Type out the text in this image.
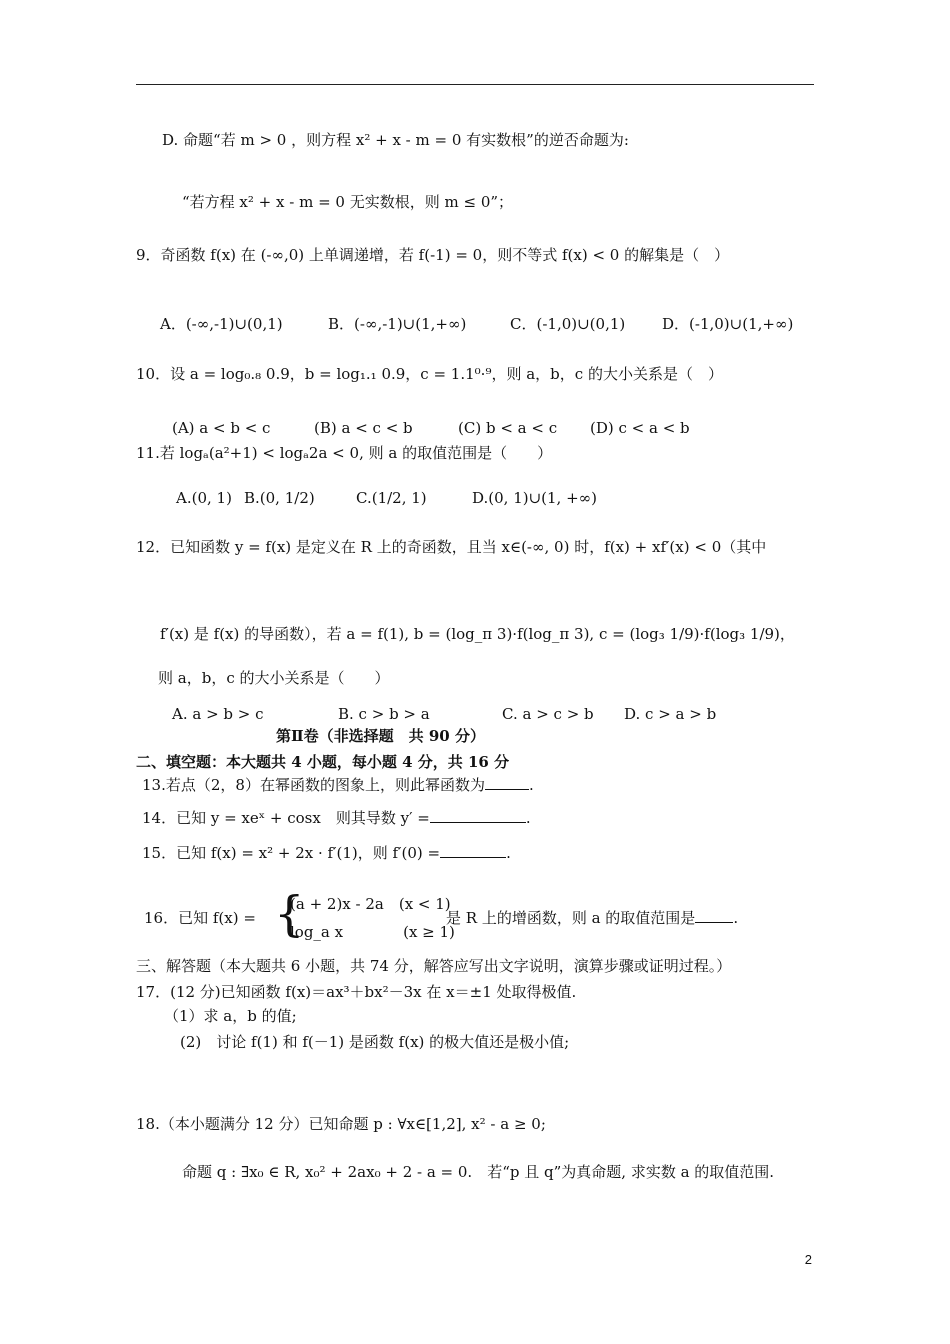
D. 命题“若 m > 0 ，则方程 x² + x - m = 0 有实数根”的逆否命题为:
“若方程 x² + x - m = 0 无实数根，则 m ≤ 0”；
9．奇函数 f(x) 在 (-∞,0) 上单调递增，若 f(-1) = 0，则不等式 f(x) < 0 的解集是（　）
A．(-∞,-1)∪(0,1)	B．(-∞,-1)∪(1,+∞)	C．(-1,0)∪(0,1) D．(-1,0)∪(1,+∞)
10．设 a = log₀.₈ 0.9，b = log₁.₁ 0.9，c = 1.1⁰·⁹，则 a，b，c 的大小关系是（　）
(A) a < b < c	(B) a < c < b	(C) b < a < c (D) c < a < b
11.若 logₐ(a²+1) < logₐ2a < 0, 则 a 的取值范围是（　　）
A.(0, 1) B.(0, 1/2)	C.(1/2, 1)	D.(0, 1)∪(1, +∞)
12．已知函数 y = f(x) 是定义在 R 上的奇函数，且当 x∈(-∞, 0) 时，f(x) + xf′(x) < 0（其中
f′(x) 是 f(x) 的导函数），若 a = f(1), b = (log_π 3)·f(log_π 3), c = (log₃ 1/9)·f(log₃ 1/9)，
则 a，b，c 的大小关系是（　　）
A. a > b > c	B. c > b > a	C. a > c > b D. c > a > b
第Ⅱ卷（非选择题　共 90 分）
二、填空题：本大题共 4 小题，每小题 4 分，共 16 分
13.若点（2，8）在幂函数的图象上，则此幂函数为	.
14．已知 y = xeˣ + cosx　则其导数 y′ =	.
15．已知 f(x) = x² + 2x · f′(1)，则 f′(0) =	.
16．已知 f(x) = {
(a + 2)x - 2a　(x < 1)
log_a x　　　　(x ≥ 1)
是 R 上的增函数，则 a 的取值范围是	.
三、解答题（本大题共 6 小题，共 74 分，解答应写出文字说明，演算步骤或证明过程。）
17．(12 分)已知函数 f(x)＝ax³＋bx²－3x 在 x＝±1 处取得极值.
（1）求 a，b 的值;
(2)　讨论 f(1) 和 f(－1) 是函数 f(x) 的极大值还是极小值;
18.（本小题满分 12 分）已知命题 p : ∀x∈[1,2], x² - a ≥ 0;
命题 q : ∃x₀ ∈ R, x₀² + 2ax₀ + 2 - a = 0.　若“p 且 q”为真命题, 求实数 a 的取值范围.
2
